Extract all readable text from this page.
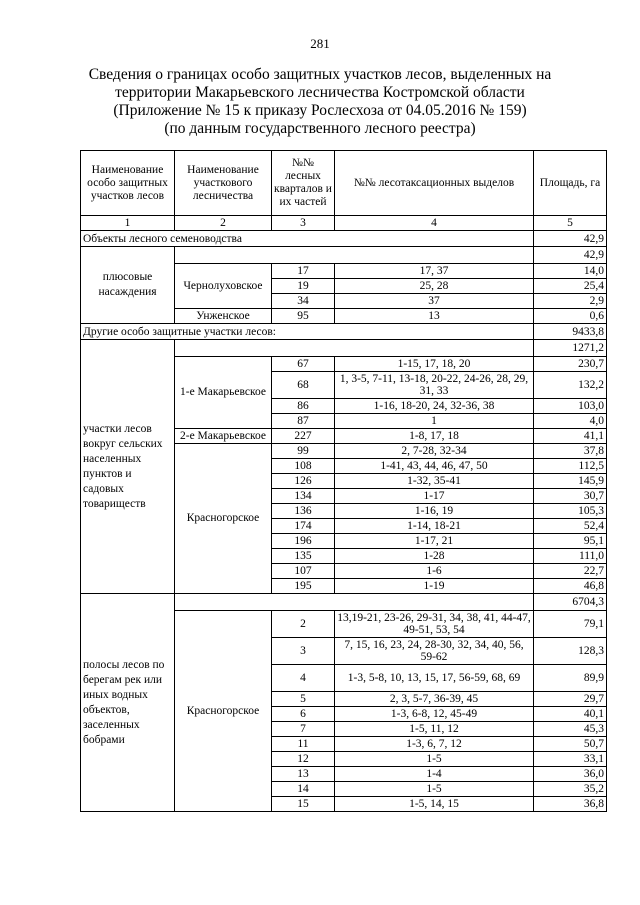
281
Сведения о границах особо защитных участков лесов, выделенных на
территории Макарьевского лесничества Костромской области
(Приложение № 15 к приказу Рослесхоза от 04.05.2016 № 159)
(по данным государственного лесного реестра)
Наименование особо защитных участков лесов	Наименование участкового лесничества	№№ лесных кварталов и их частей	№№ лесотаксационных выделов	Площадь, га
1	2	3	4	5
Объекты лесного семеноводства				42,9
плюсовые насаждения				42,9
	Чернолуховское	17	17, 37	14,0
		19	25, 28	25,4
		34	37	2,9
	Унженское	95	13	0,6
Другие особо защитные участки лесов:				9433,8
участки лесов вокруг сельских населенных пунктов и садовых товариществ				1271,2
	1-е Макарьевское	67	1-15, 17, 18, 20	230,7
		68	1, 3-5, 7-11, 13-18, 20-22, 24-26, 28, 29, 31, 33	132,2
		86	1-16, 18-20, 24, 32-36, 38	103,0
		87	1	4,0
	2-е Макарьевское	227	1-8, 17, 18	41,1
	Красногорское	99	2, 7-28, 32-34	37,8
		108	1-41, 43, 44, 46, 47, 50	112,5
		126	1-32, 35-41	145,9
		134	1-17	30,7
		136	1-16, 19	105,3
		174	1-14, 18-21	52,4
		196	1-17, 21	95,1
		135	1-28	111,0
		107	1-6	22,7
		195	1-19	46,8
полосы лесов по берегам рек или иных водных объектов, заселенных бобрами				6704,3
	Красногорское	2	13,19-21, 23-26, 29-31, 34, 38, 41, 44-47, 49-51, 53, 54	79,1
		3	7, 15, 16, 23, 24, 28-30, 32, 34, 40, 56, 59-62	128,3
		4	1-3, 5-8, 10, 13, 15, 17, 56-59, 68, 69	89,9
		5	2, 3, 5-7, 36-39, 45	29,7
		6	1-3, 6-8, 12, 45-49	40,1
		7	1-5, 11, 12	45,3
		11	1-3, 6, 7, 12	50,7
		12	1-5	33,1
		13	1-4	36,0
		14	1-5	35,2
		15	1-5, 14, 15	36,8
